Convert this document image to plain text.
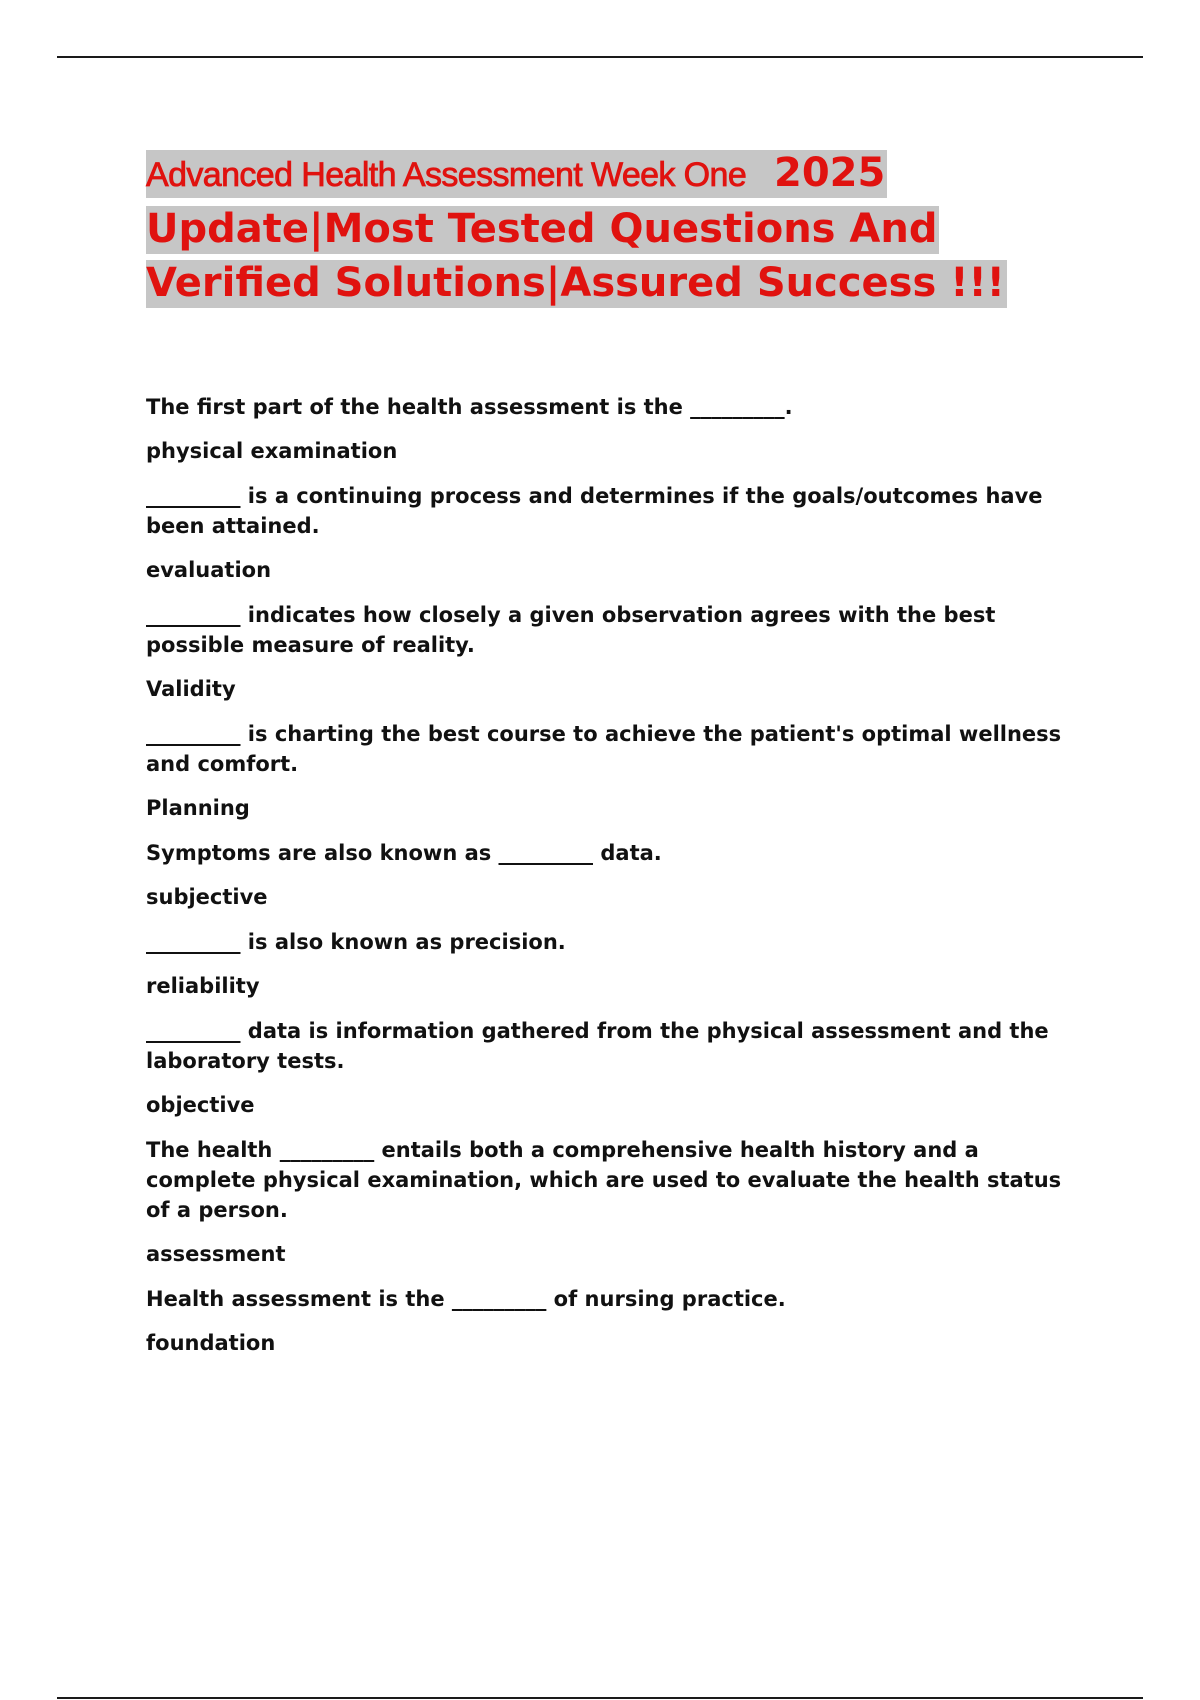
Advanced Health Assessment Week One 2025 Update|Most Tested Questions And Verified Solutions|Assured Success !!!

The first part of the health assessment is the _________.

physical examination

_________ is a continuing process and determines if the goals/outcomes have been attained.

evaluation

_________ indicates how closely a given observation agrees with the best possible measure of reality.

Validity

_________ is charting the best course to achieve the patient's optimal wellness and comfort.

Planning

Symptoms are also known as _________ data.

subjective

_________ is also known as precision.

reliability

_________ data is information gathered from the physical assessment and the laboratory tests.

objective

The health _________ entails both a comprehensive health history and a complete physical examination, which are used to evaluate the health status of a person.

assessment

Health assessment is the _________ of nursing practice.

foundation
